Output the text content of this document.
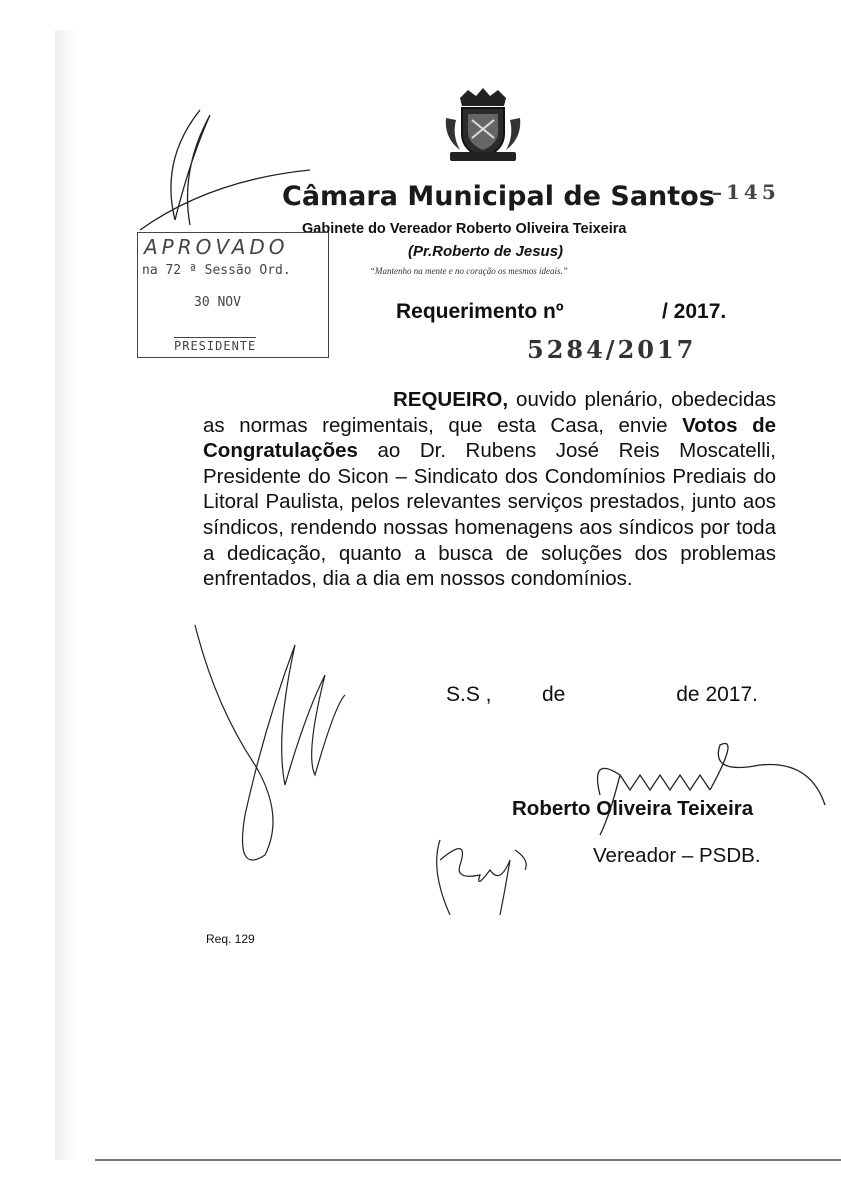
Câmara Municipal de Santos
–145
Gabinete do Vereador Roberto Oliveira Teixeira
(Pr.Roberto de Jesus)
“Mantenho na mente e no coração os mesmos ideais.”
APROVADO
na 72 ª Sessão Ord.
30 NOV
PRESIDENTE
Requerimento nº	/ 2017.
5284/2017
REQUEIRO, ouvido plenário, obedecidas as normas regimentais, que esta Casa, envie Votos de Congratulações ao Dr. Rubens José Reis Moscatelli, Presidente do Sicon – Sindicato dos Condomínios Prediais do Litoral Paulista, pelos relevantes serviços prestados, junto aos síndicos, rendendo nossas homenagens aos síndicos por toda a dedicação, quanto a busca de soluções dos problemas enfrentados, dia a dia em nossos condomínios.
S.S , de	de 2017.
Roberto Oliveira Teixeira
Vereador – PSDB.
Req. 129
